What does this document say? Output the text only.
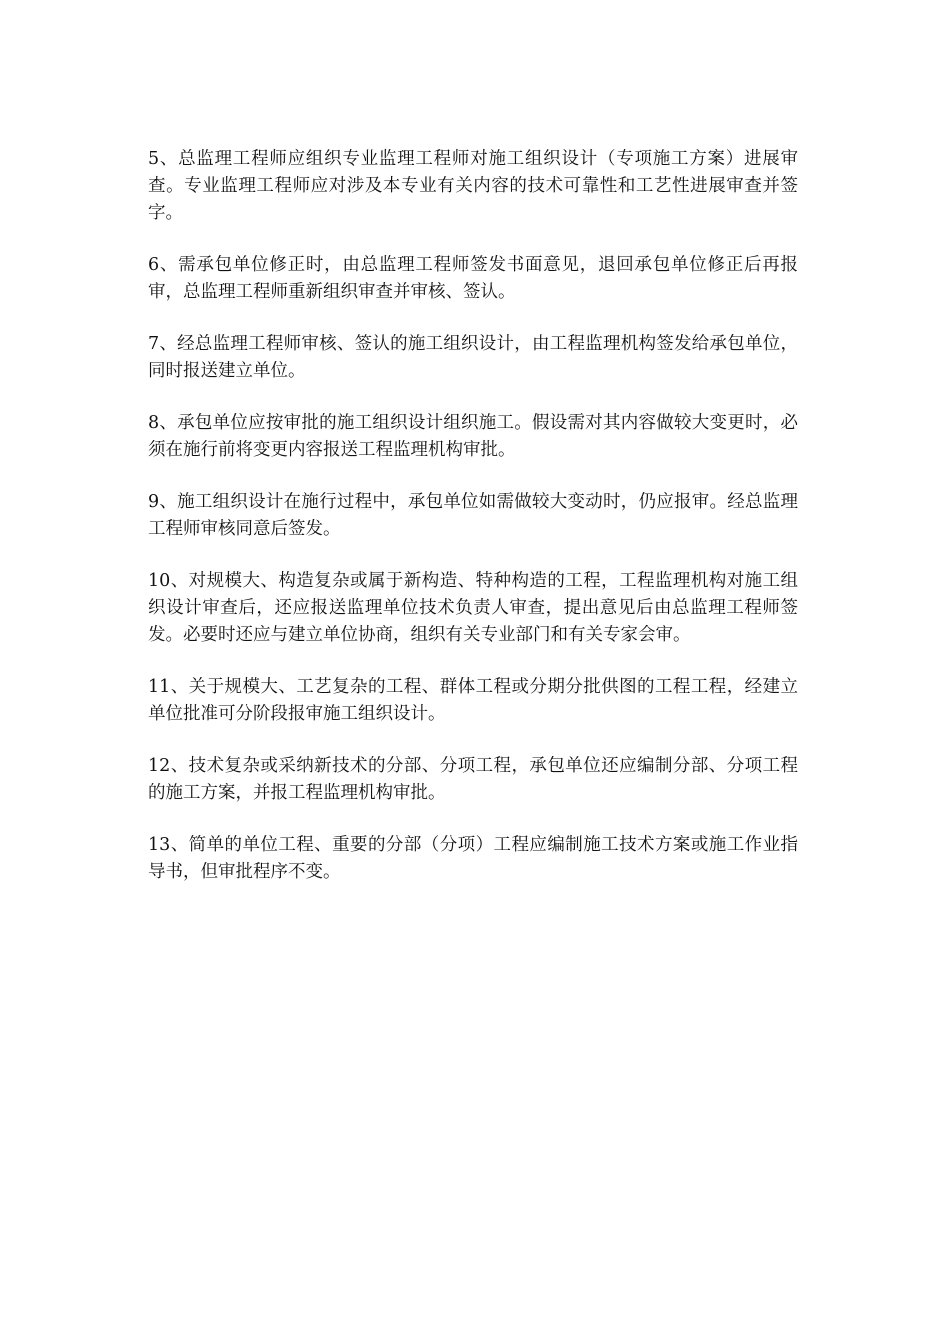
5、总监理工程师应组织专业监理工程师对施工组织设计（专项施工方案）进展审查。专业监理工程师应对涉及本专业有关内容的技术可靠性和工艺性进展审查并签字。

6、需承包单位修正时，由总监理工程师签发书面意见，退回承包单位修正后再报审，总监理工程师重新组织审查并审核、签认。

7、经总监理工程师审核、签认的施工组织设计，由工程监理机构签发给承包单位，同时报送建立单位。

8、承包单位应按审批的施工组织设计组织施工。假设需对其内容做较大变更时，必须在施行前将变更内容报送工程监理机构审批。

9、施工组织设计在施行过程中，承包单位如需做较大变动时，仍应报审。经总监理工程师审核同意后签发。

10、对规模大、构造复杂或属于新构造、特种构造的工程，工程监理机构对施工组织设计审查后，还应报送监理单位技术负责人审查，提出意见后由总监理工程师签发。必要时还应与建立单位协商，组织有关专业部门和有关专家会审。

11、关于规模大、工艺复杂的工程、群体工程或分期分批供图的工程工程，经建立单位批准可分阶段报审施工组织设计。

12、技术复杂或采纳新技术的分部、分项工程，承包单位还应编制分部、分项工程的施工方案，并报工程监理机构审批。

13、简单的单位工程、重要的分部（分项）工程应编制施工技术方案或施工作业指导书，但审批程序不变。
